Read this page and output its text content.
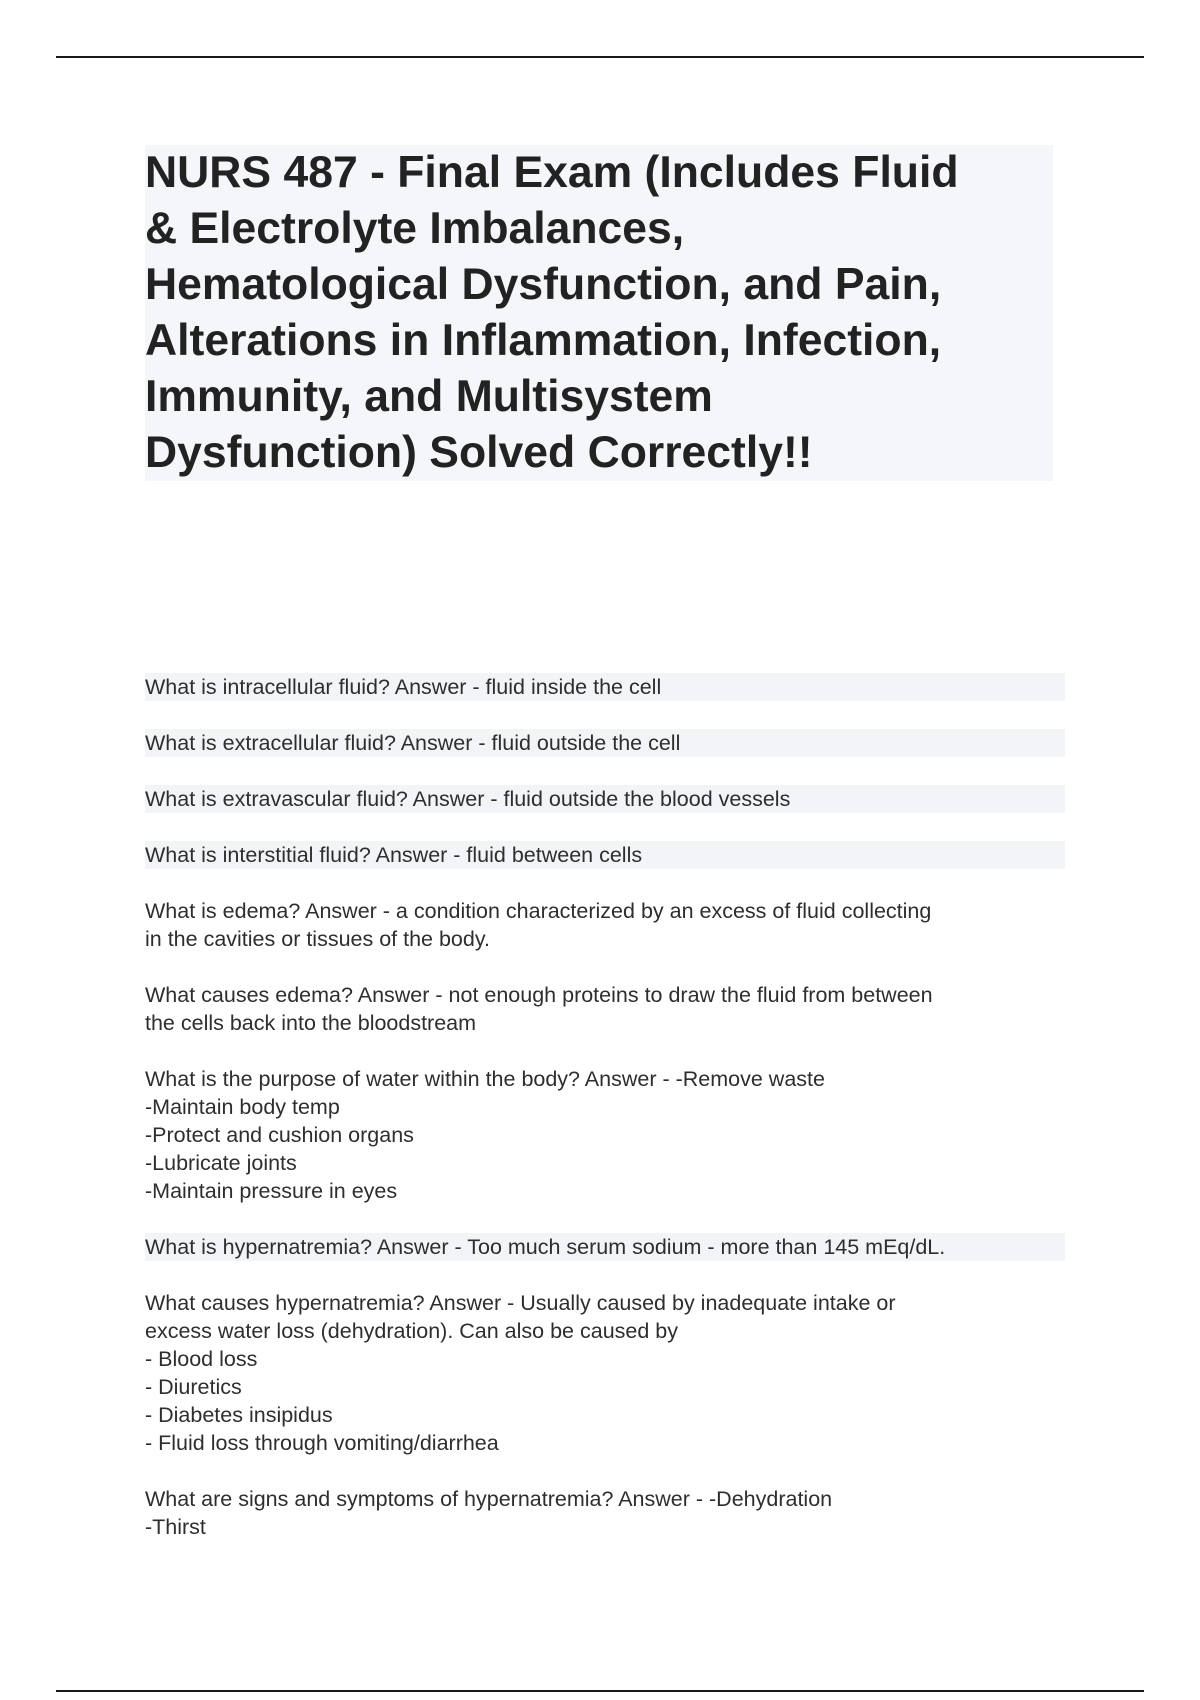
NURS 487 - Final Exam (Includes Fluid
& Electrolyte Imbalances,
Hematological Dysfunction, and Pain,
Alterations in Inflammation, Infection,
Immunity, and Multisystem
Dysfunction) Solved Correctly!!

What is intracellular fluid? Answer - fluid inside the cell

What is extracellular fluid? Answer - fluid outside the cell

What is extravascular fluid? Answer - fluid outside the blood vessels

What is interstitial fluid? Answer - fluid between cells

What is edema? Answer - a condition characterized by an excess of fluid collecting
in the cavities or tissues of the body.

What causes edema? Answer - not enough proteins to draw the fluid from between
the cells back into the bloodstream

What is the purpose of water within the body? Answer - -Remove waste
-Maintain body temp
-Protect and cushion organs
-Lubricate joints
-Maintain pressure in eyes

What is hypernatremia? Answer - Too much serum sodium - more than 145 mEq/dL.

What causes hypernatremia? Answer - Usually caused by inadequate intake or
excess water loss (dehydration). Can also be caused by
- Blood loss
- Diuretics
- Diabetes insipidus
- Fluid loss through vomiting/diarrhea

What are signs and symptoms of hypernatremia? Answer - -Dehydration
-Thirst
